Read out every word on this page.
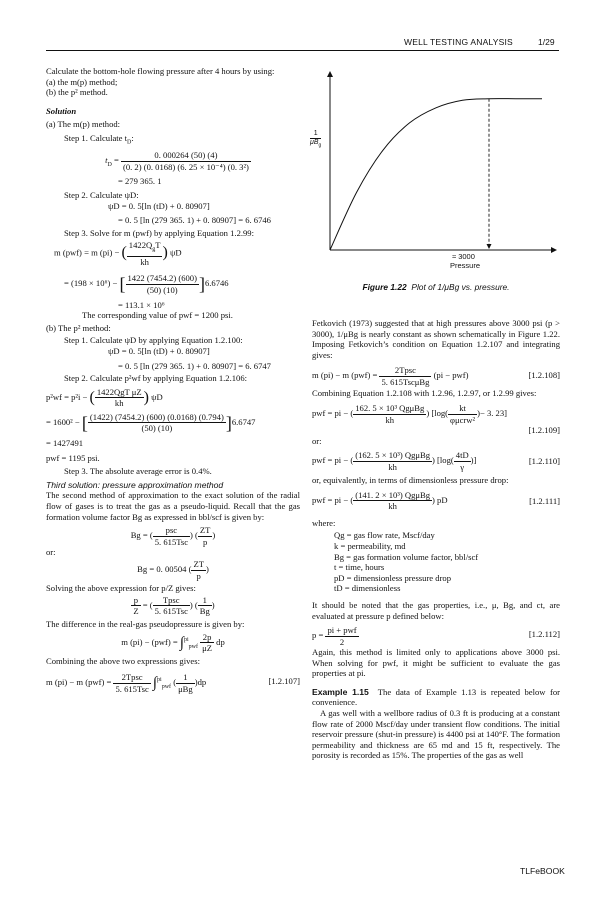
WELL TESTING ANALYSIS	1/29

Calculate the bottom-hole flowing pressure after 4 hours by using:

(a) the m(p) method;

(b) the p² method.

Solution

(a) The m(p) method:

Step 1. Calculate $t_D$:

$t_D = \frac{0. 000264 (50) (4)}{\text{(0. 2) (0. 0168) (6. 25 × 10⁻⁴) (0. 3²)}}$

= 279 365. 1

Step 2. Calculate ψD:

ψD = 0. 5[ln (tD) + 0. 80907]

= 0. 5 [ln (279 365. 1) + 0. 80907] = 6. 6746

Step 3. Solve for m (pwf) by applying Equation 1.2.99:

m (pwf) = m (pi) − ( $\frac{1422Q_gT}{kh}$ ) ψD
= (198 × 10⁶) − [ $\frac{1422 (7454.2) (600)}{(50) (10)} ]6.6746$

= 113.1 × 10⁶

The corresponding value of pwf = 1200 psi.

(b) The p² method:

Step 1. Calculate ψD by applying Equation 1.2.100:

ψD = 0. 5[ln (tD) + 0. 80907]

= 0. 5 [ln (279 365. 1) + 0. 80907] = 6. 6747

Step 2. Calculate p²wf by applying Equation 1.2.106:

p²wf = p²i − ( $\frac{\text{1422QgT μZ}}{kh}$ ) ψD
= 1600² − [ $\frac{(1422) (7454.2) (600) (0.0168) (0.794)}{(50) (10)} ]6.6747$

= 1427491

pwf = 1195 psi.

Step 3. The absolute average error is 0.4%.

Third solution: pressure approximation method

The second method of approximation to the exact solution of the radial flow of gases is to treat the gas as a pseudo-liquid. Recall that the gas formation volume factor Bg as expressed in bbl/scf is given by:

Bg = ( $\frac{\text{psc}}{\text{5. 615Tsc}}$ ) ( $\frac{ZT}{p}$ )

or:

Bg = 0. 00504 ( $\frac{ZT}{p}$ )

Solving the above expression for p/Z gives:

$\frac{p}{Z}$ = ( $\frac{\text{Tpsc}}{\text{5. 615Tsc}}$ ) ( $\frac{1}{Bg}$ )

The difference in the real-gas pseudopressure is given by:

m $(pi) - (pwf) = \int^{pi}_{pwf} \frac{2p}{\mu Z}$ dp

Combining the above two expressions gives:

m (pi) − m $(pwf) = \frac{\text{2Tpsc}}{\text{5. 615Tsc}} \int^{pi}_{pwf}$ ( $\frac{1}{\text{μBg}} )dp$	[1.2.107]
1
$\mu B_g$
≈ 3000
Pressure
Figure 1.22 Plot of 1/μBg vs. pressure.

Fetkovich (1973) suggested that at high pressures above 3000 psi (p > 3000), 1/μBg is nearly constant as shown schematically in Figure 1.22. Imposing Fetkovich’s condition on Equation 1.2.107 and integrating gives:

m (pi) − m $(pwf) = \frac{\text{2Tpsc}}{\text{5. 615TscμBg}} (pi - pwf)$	[1.2.108]

Combining Equation 1.2.108 with 1.2.96, 1.2.97, or 1.2.99 gives:

pwf = pi − ( $\frac{\text{162. 5 × 10³ QgμBg}}{kh}$ ) [$\log( \frac{kt}{\text{φμcrw²}}$ )− 3. 23]
[1.2.109]

or:

pwf = pi − ( $\frac{\text{(162. 5 × 10³) QgμBg}}{kh}$ ) [$\log( \frac{4tD}{\gamma}$ )]	[1.2.110]

or, equivalently, in terms of dimensionless pressure drop:

pwf = pi − ( $\frac{\text{(141. 2 × 10³) QgμBg}}{kh}$ ) pD	[1.2.111]

where:

Qg = gas flow rate, Mscf/day

k = permeability, md

Bg = gas formation volume factor, bbl/scf

t = time, hours

pD = dimensionless pressure drop

tD = dimensionless

It should be noted that the gas properties, i.e., μ, Bg, and ct, are evaluated at pressure p defined below:

$p = \frac{\text{pi + pwf}}{2}$	[1.2.112]

Again, this method is limited only to applications above 3000 psi. When solving for pwf, it might be sufficient to evaluate the gas properties at pi.

Example 1.15 The data of Example 1.13 is repeated below for convenience.

A gas well with a wellbore radius of 0.3 ft is producing at a constant flow rate of 2000 Mscf/day under transient flow conditions. The initial reservoir pressure (shut-in pressure) is 4400 psi at 140°F. The formation permeability and thickness are 65 md and 15 ft, respectively. The porosity is recorded as 15%. The properties of the gas as well

TLFeBOOK
